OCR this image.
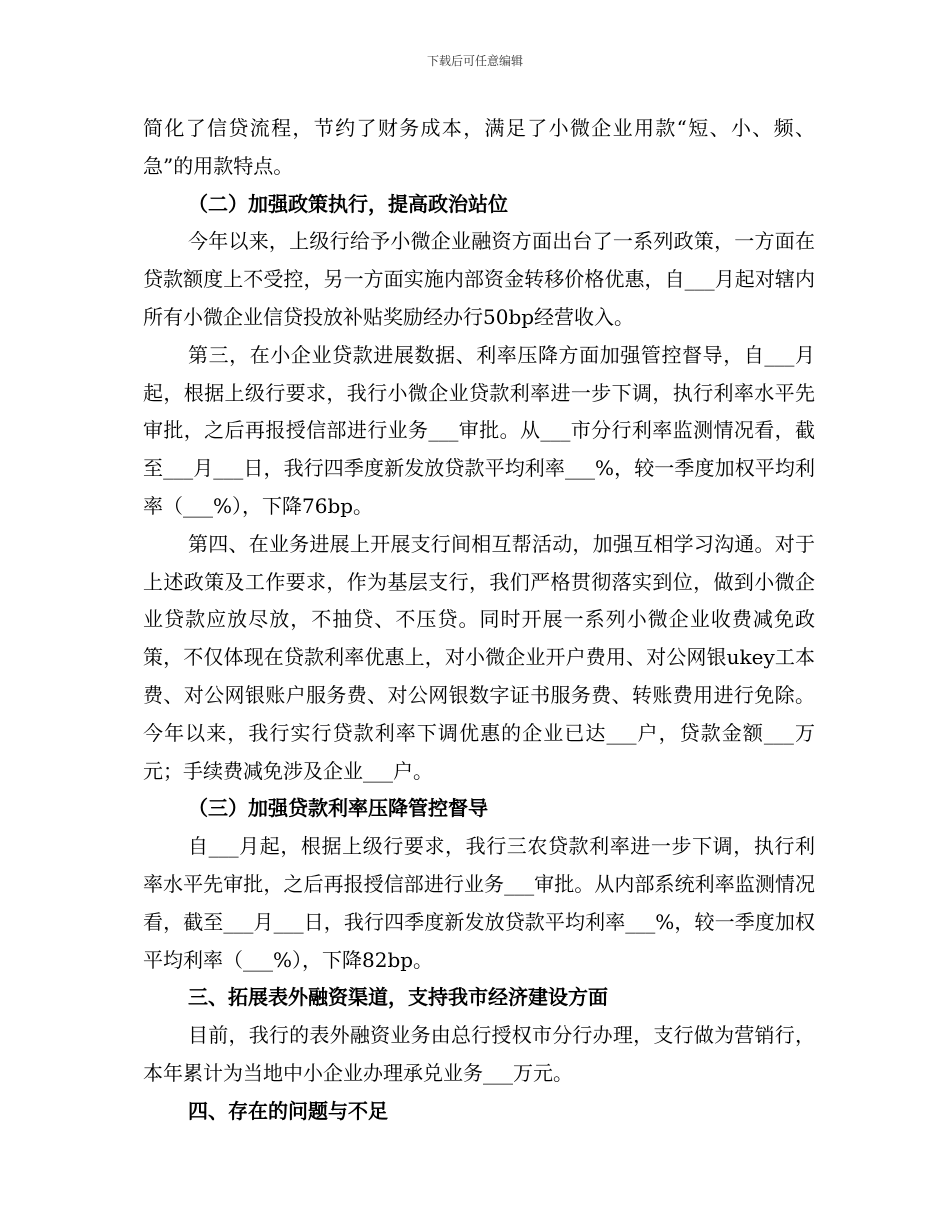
下载后可任意编辑

简化了信贷流程，节约了财务成本，满足了小微企业用款“短、小、频、急”的用款特点。

（二）加强政策执行，提高政治站位

今年以来，上级行给予小微企业融资方面出台了一系列政策，一方面在贷款额度上不受控，另一方面实施内部资金转移价格优惠，自___月起对辖内所有小微企业信贷投放补贴奖励经办行50bp经营收入。

第三，在小企业贷款进展数据、利率压降方面加强管控督导，自___月起，根据上级行要求，我行小微企业贷款利率进一步下调，执行利率水平先审批，之后再报授信部进行业务___审批。从___市分行利率监测情况看，截至___月___日，我行四季度新发放贷款平均利率___%，较一季度加权平均利率（___%），下降76bp。

第四、在业务进展上开展支行间相互帮活动，加强互相学习沟通。对于上述政策及工作要求，作为基层支行，我们严格贯彻落实到位，做到小微企业贷款应放尽放，不抽贷、不压贷。同时开展一系列小微企业收费减免政策，不仅体现在贷款利率优惠上，对小微企业开户费用、对公网银ukey工本费、对公网银账户服务费、对公网银数字证书服务费、转账费用进行免除。今年以来，我行实行贷款利率下调优惠的企业已达___户，贷款金额___万元；手续费减免涉及企业___户。

（三）加强贷款利率压降管控督导

自___月起，根据上级行要求，我行三农贷款利率进一步下调，执行利率水平先审批，之后再报授信部进行业务___审批。从内部系统利率监测情况看，截至___月___日，我行四季度新发放贷款平均利率___%，较一季度加权平均利率（___%），下降82bp。

三、拓展表外融资渠道，支持我市经济建设方面

目前，我行的表外融资业务由总行授权市分行办理，支行做为营销行，本年累计为当地中小企业办理承兑业务___万元。

四、存在的问题与不足
